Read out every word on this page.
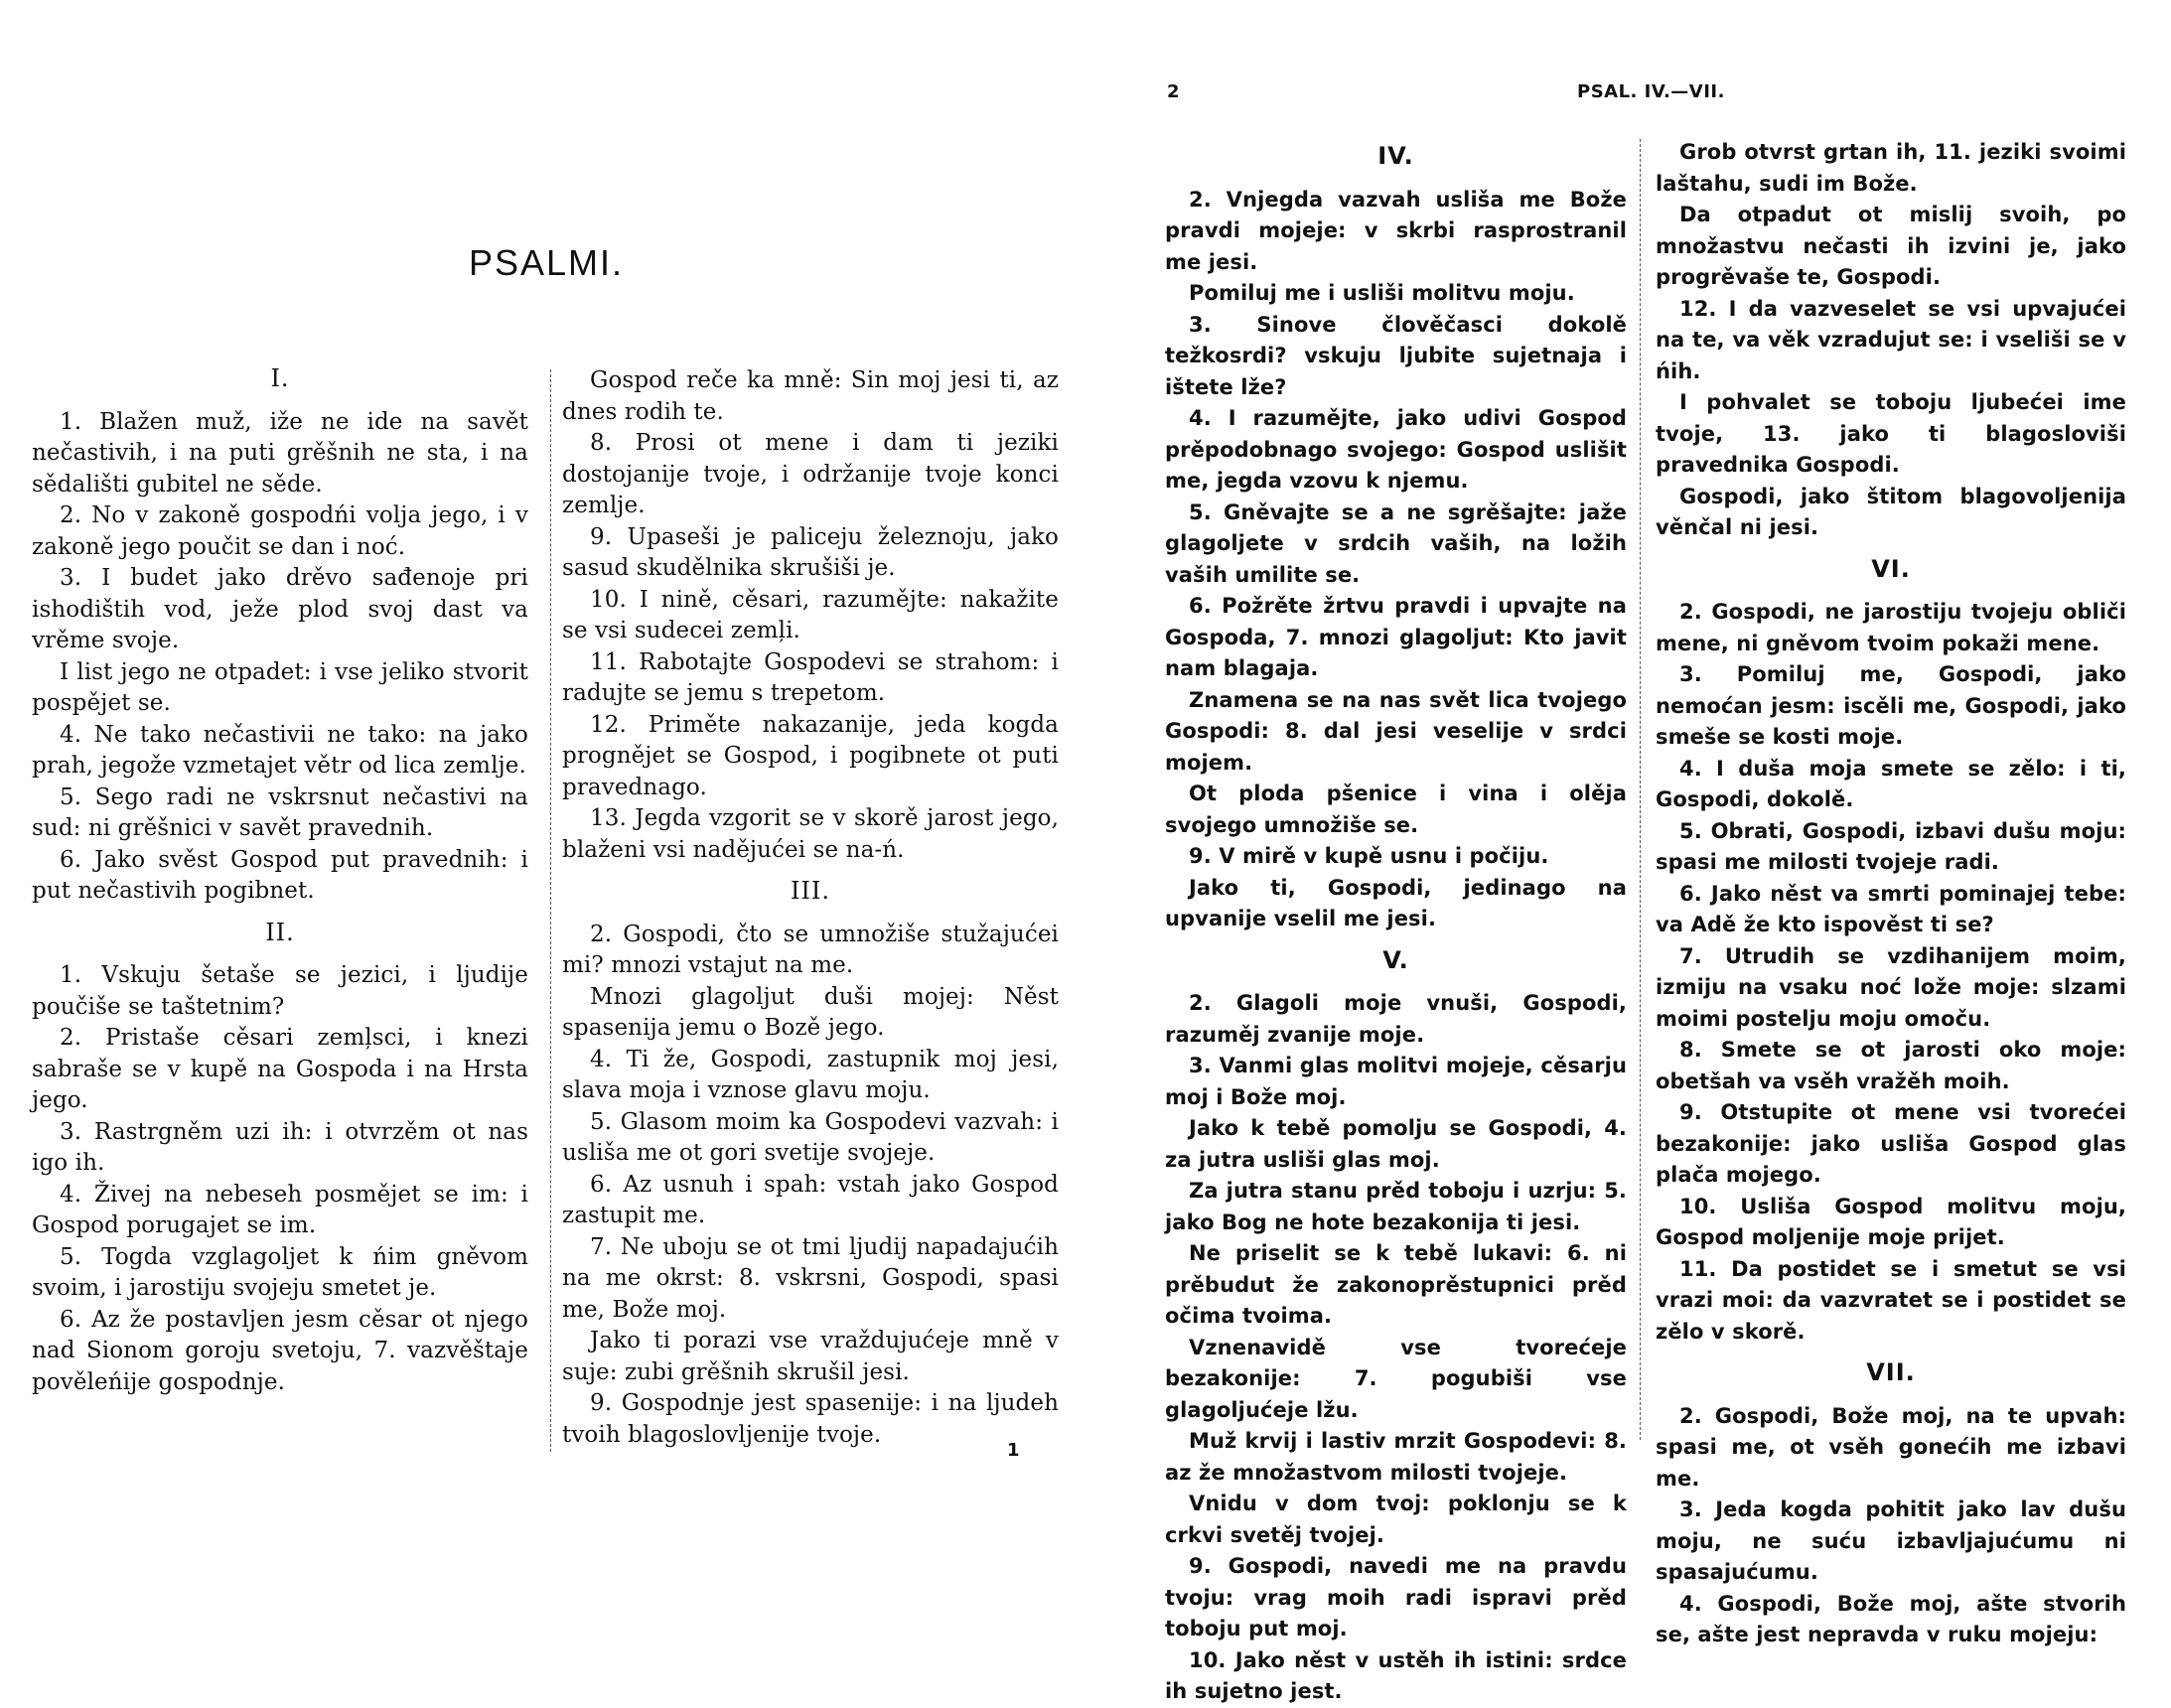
PSALMI.

I.

1. Blažen muž, iže ne ide na savět nečastivih, i na puti grěšnih ne sta, i na sědališti gubitel ne sěde.

2. No v zakoně gospodńi volja jego, i v zakoně jego poučit se dan i noć.

3. I budet jako drěvo sađenoje pri ishodištih vod, ježe plod svoj dast va vrěme svoje.

I list jego ne otpadet: i vse jeliko stvorit pospějet se.

4. Ne tako nečastivii ne tako: na jako prah, jegože vzmetajet větr od lica zemlje.

5. Sego radi ne vskrsnut nečastivi na sud: ni grěšnici v savět pravednih.

6. Jako svěst Gospod put pravednih: i put nečastivih pogibnet.

II.

1. Vskuju šetaše se jezici, i ljudije poučiše se taštetnim?

2. Pristaše cěsari zemļsci, i knezi sabraše se v kupě na Gospoda i na Hrsta jego.

3. Rastrgněm uzi ih: i otvrzěm ot nas igo ih.

4. Živej na nebeseh posmějet se im: i Gospod porugajet se im.

5. Togda vzglagoljet k ńim gněvom svoim, i jarostiju svojeju smetet je.

6. Az že postavljen jesm cěsar ot njego nad Sionom goroju svetoju, 7. vazvěštaje pověleńije gospodnje.

Gospod reče ka mně: Sin moj jesi ti, az dnes rodih te.

8. Prosi ot mene i dam ti jeziki dostojanije tvoje, i održanije tvoje konci zemlje.

9. Upaseši je paliceju železnoju, jako sasud skudělnika skrušiši je.

10. I nině, cěsari, razumějte: nakažite se vsi sudecei zemļi.

11. Rabotajte Gospodevi se strahom: i radujte se jemu s trepetom.

12. Priměte nakazanije, jeda kogda prognějet se Gospod, i pogibnete ot puti pravednago.

13. Jegda vzgorit se v skorě jarost jego, blaženi vsi nadějućei se na-ń.

III.

2. Gospodi, čto se umnožiše stužajućei mi? mnozi vstajut na me.

Mnozi glagoljut duši mojej: Něst spasenija jemu o Bozě jego.

4. Ti že, Gospodi, zastupnik moj jesi, slava moja i vznose glavu moju.

5. Glasom moim ka Gospodevi vazvah: i usliša me ot gori svetije svojeje.

6. Az usnuh i spah: vstah jako Gospod zastupit me.

7. Ne uboju se ot tmi ljudij napadajućih na me okrst: 8. vskrsni, Gospodi, spasi me, Bože moj.

Jako ti porazi vse vraždujućeje mně v suje: zubi grěšnih skrušil jesi.

9. Gospodnje jest spasenije: i na ljudeh tvoih blagoslovljenije tvoje.

1
2	PSAL. IV.—VII.

IV.

2. Vnjegda vazvah usliša me Bože pravdi mojeje: v skrbi rasprostranil me jesi.

Pomiluj me i usliši molitvu moju.

3. Sinove člověčasci dokolě težkosrdi? vskuju ljubite sujetnaja i ištete lže?

4. I razumějte, jako udivi Gospod prěpodobnago svojego: Gospod uslišit me, jegda vzovu k njemu.

5. Gněvajte se a ne sgrěšajte: jaže glagoljete v srdcih vaših, na ložih vaših umilite se.

6. Požrěte žrtvu pravdi i upvajte na Gospoda, 7. mnozi glagoljut: Kto javit nam blagaja.

Znamena se na nas svět lica tvojego Gospodi: 8. dal jesi veselije v srdci mojem.

Ot ploda pšenice i vina i olěja svojego umnožiše se.

9. V mirě v kupě usnu i počiju.

Jako ti, Gospodi, jedinago na upvanije vselil me jesi.

V.

2. Glagoli moje vnuši, Gospodi, razuměj zvanije moje.

3. Vanmi glas molitvi mojeje, cěsarju moj i Bože moj.

Jako k tebě pomolju se Gospodi, 4. za jutra usliši glas moj.

Za jutra stanu prěd toboju i uzrju: 5. jako Bog ne hote bezakonija ti jesi.

Ne priselit se k tebě lukavi: 6. ni prěbudut že zakonoprěstupnici prěd očima tvoima.

Vznenavidě vse tvorećeje bezakonije: 7. pogubiši vse glagoljućeje lžu.

Muž krvij i lastiv mrzit Gospodevi: 8. az že množastvom milosti tvojeje.

Vnidu v dom tvoj: poklonju se k crkvi svetěj tvojej.

9. Gospodi, navedi me na pravdu tvoju: vrag moih radi ispravi prěd toboju put moj.

10. Jako něst v ustěh ih istini: srdce ih sujetno jest.

Grob otvrst grtan ih, 11. jeziki svoimi laštahu, sudi im Bože.

Da otpadut ot mislij svoih, po množastvu nečasti ih izvini je, jako progrěvaše te, Gospodi.

12. I da vazveselet se vsi upvajućei na te, va věk vzradujut se: i vseliši se v ńih.

I pohvalet se toboju ljubećei ime tvoje, 13. jako ti blagosloviši pravednika Gospodi.

Gospodi, jako štitom blagovoljenija věnčal ni jesi.

VI.

2. Gospodi, ne jarostiju tvojeju obliči mene, ni gněvom tvoim pokaži mene.

3. Pomiluj me, Gospodi, jako nemoćan jesm: iscěli me, Gospodi, jako smeše se kosti moje.

4. I duša moja smete se zělo: i ti, Gospodi, dokolě.

5. Obrati, Gospodi, izbavi dušu moju: spasi me milosti tvojeje radi.

6. Jako něst va smrti pominajej tebe: va Adě že kto ispověst ti se?

7. Utrudih se vzdihanijem moim, izmiju na vsaku noć lože moje: slzami moimi postelju moju omoču.

8. Smete se ot jarosti oko moje: obetšah va vsěh vražěh moih.

9. Otstupite ot mene vsi tvorećei bezakonije: jako usliša Gospod glas plača mojego.

10. Usliša Gospod molitvu moju, Gospod moljenije moje prijet.

11. Da postidet se i smetut se vsi vrazi moi: da vazvratet se i postidet se zělo v skorě.

VII.

2. Gospodi, Bože moj, na te upvah: spasi me, ot vsěh gonećih me izbavi me.

3. Jeda kogda pohitit jako lav dušu moju, ne suću izbavljajućumu ni spasajućumu.

4. Gospodi, Bože moj, ašte stvorih se, ašte jest nepravda v ruku mojeju:
